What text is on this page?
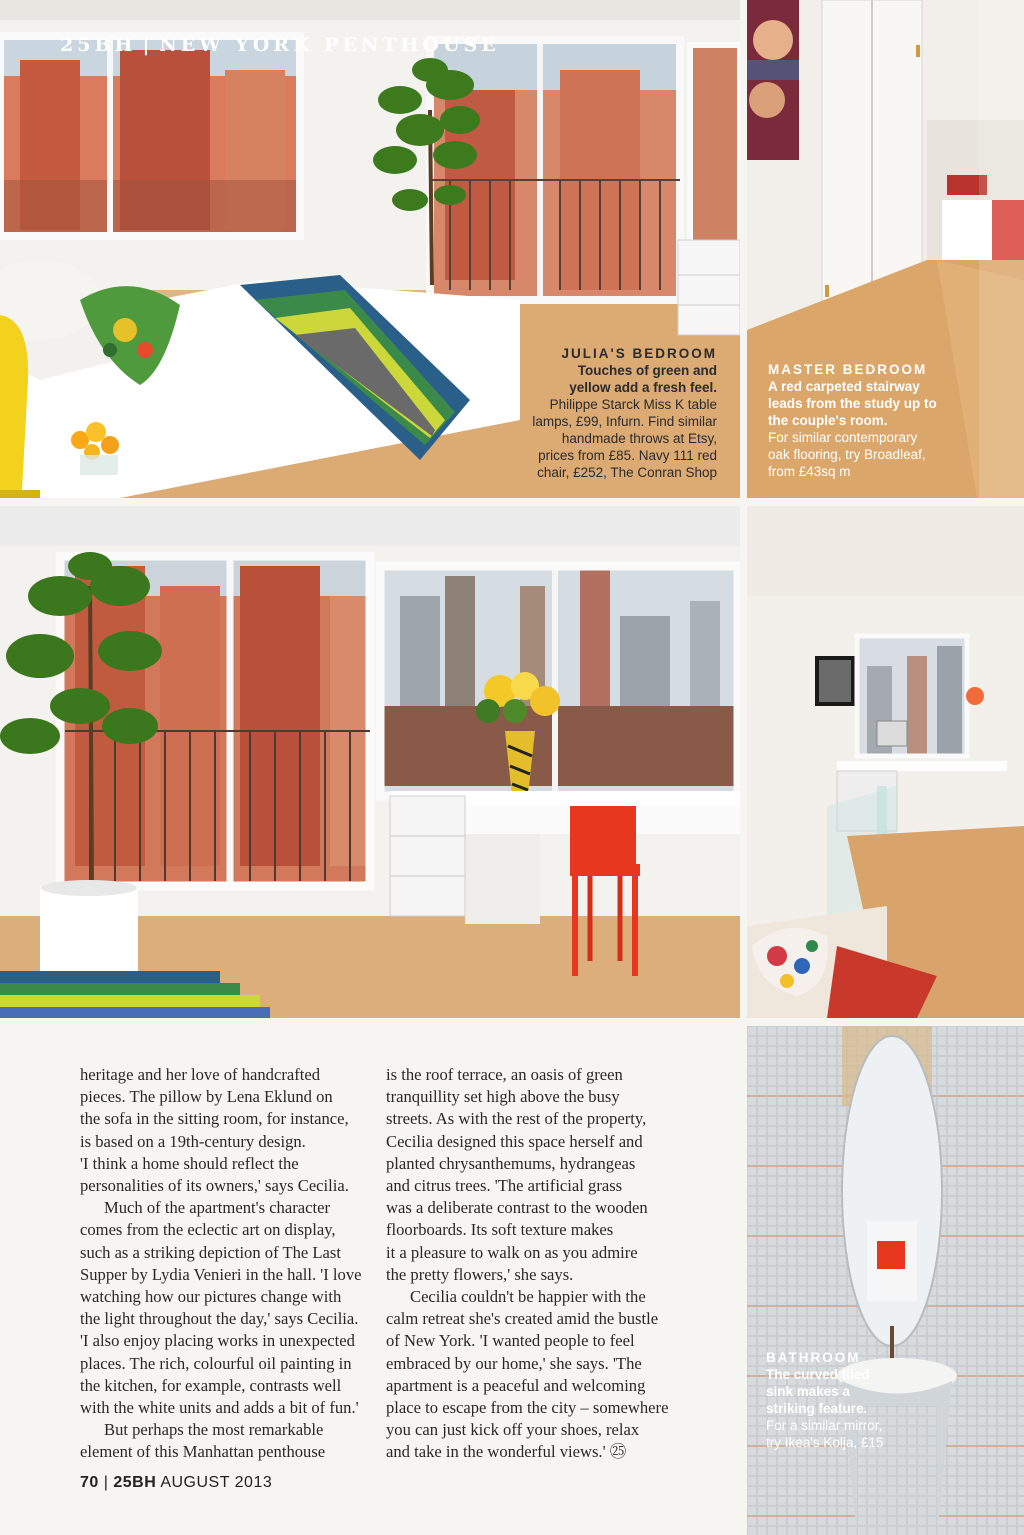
25BH | NEW YORK PENTHOUSE
JULIA'S BEDROOM
Touches of green and
yellow add a fresh feel.
Philippe Starck Miss K table
lamps, £99, Infurn. Find similar
handmade throws at Etsy,
prices from £85. Navy 111 red
chair, £252, The Conran Shop
MASTER BEDROOM
A red carpeted stairway
leads from the study up to
the couple's room.
For similar contemporary
oak flooring, try Broadleaf,
from £43sq m
BATHROOM
The curved tiled
sink makes a
striking feature.
For a similar mirror,
try Ikea's Kolja, £15

heritage and her love of handcrafted
pieces. The pillow by Lena Eklund on
the sofa in the sitting room, for instance,
is based on a 19th-century design.
'I think a home should reflect the
personalities of its owners,' says Cecilia.

Much of the apartment's character
comes from the eclectic art on display,
such as a striking depiction of The Last
Supper by Lydia Venieri in the hall. 'I love
watching how our pictures change with
the light throughout the day,' says Cecilia.
'I also enjoy placing works in unexpected
places. The rich, colourful oil painting in
the kitchen, for example, contrasts well
with the white units and adds a bit of fun.'

But perhaps the most remarkable
element of this Manhattan penthouse

is the roof terrace, an oasis of green
tranquillity set high above the busy
streets. As with the rest of the property,
Cecilia designed this space herself and
planted chrysanthemums, hydrangeas
and citrus trees. 'The artificial grass
was a deliberate contrast to the wooden
floorboards. Its soft texture makes
it a pleasure to walk on as you admire
the pretty flowers,' she says.

Cecilia couldn't be happier with the
calm retreat she's created amid the bustle
of New York. 'I wanted people to feel
embraced by our home,' she says. 'The
apartment is a peaceful and welcoming
place to escape from the city – somewhere
you can just kick off your shoes, relax
and take in the wonderful views.' ㉕

70 | 25BH AUGUST 2013
